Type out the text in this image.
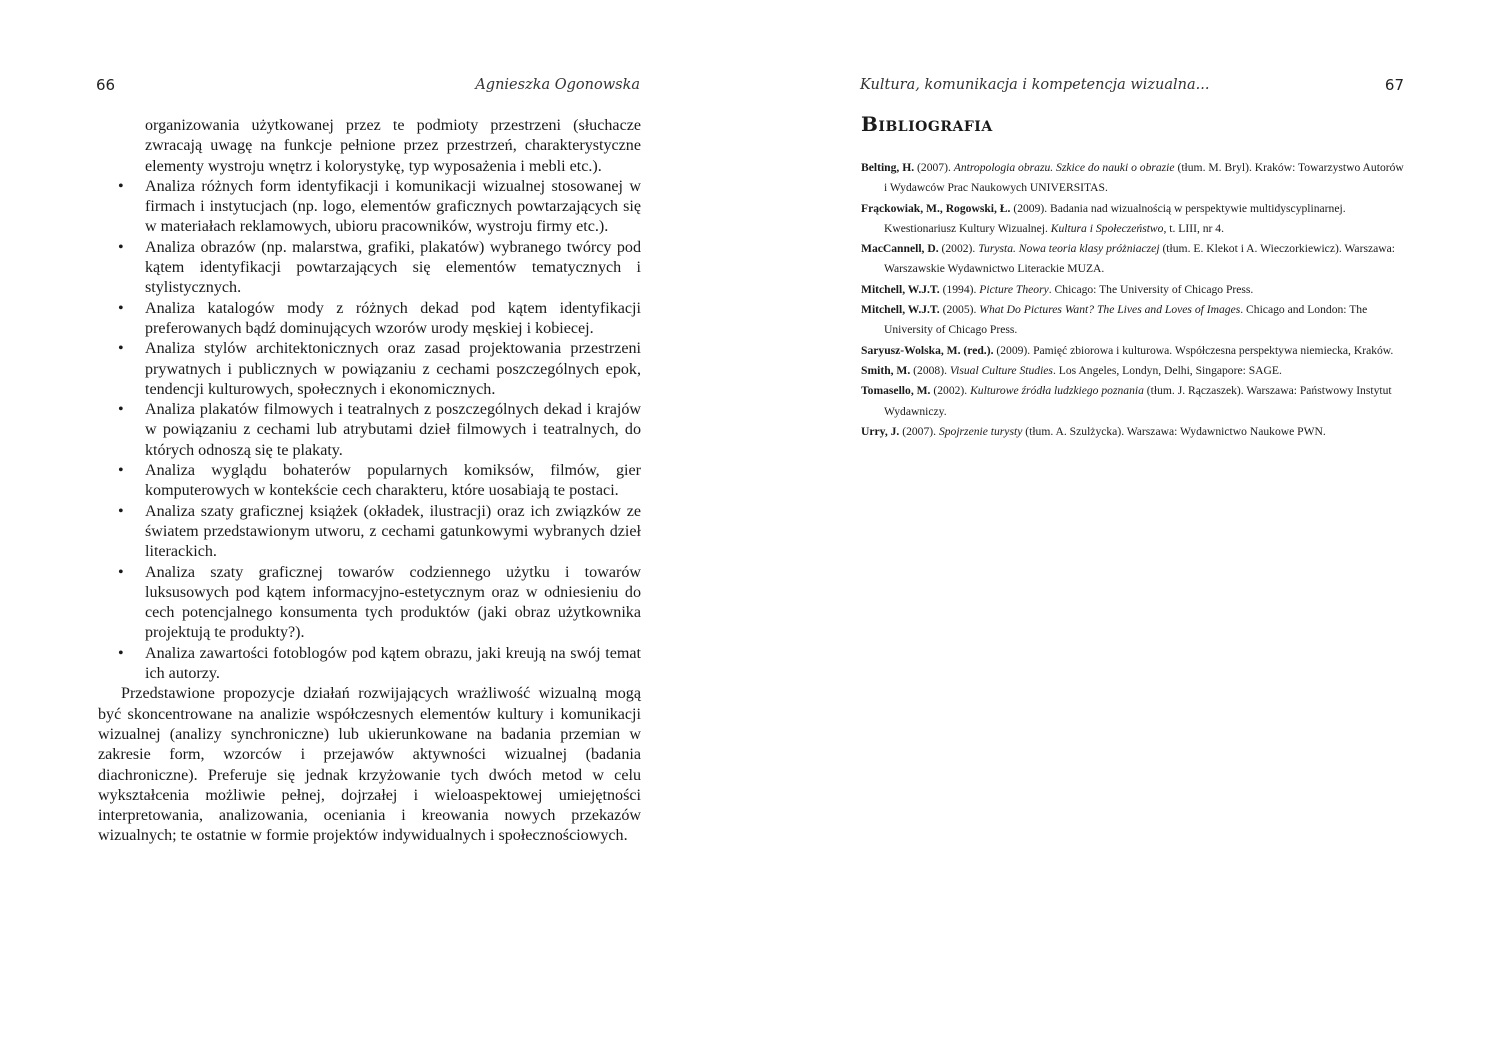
66	Agnieszka Ogonowska

organizowania użytkowanej przez te podmioty przestrzeni (słuchacze zwracają uwagę na funkcje pełnione przez przestrzeń, charakterystyczne elementy wystroju wnętrz i kolorystykę, typ wyposażenia i mebli etc.).

• Analiza różnych form identyfikacji i komunikacji wizualnej stosowanej w firmach i instytucjach (np. logo, elementów graficznych powtarzających się w materiałach reklamowych, ubioru pracowników, wystroju firmy etc.).
• Analiza obrazów (np. malarstwa, grafiki, plakatów) wybranego twórcy pod kątem identyfikacji powtarzających się elementów tematycznych i stylistycznych.
• Analiza katalogów mody z różnych dekad pod kątem identyfikacji preferowanych bądź dominujących wzorów urody męskiej i kobiecej.
• Analiza stylów architektonicznych oraz zasad projektowania przestrzeni prywatnych i publicznych w powiązaniu z cechami poszczególnych epok, tendencji kulturowych, społecznych i ekonomicznych.
• Analiza plakatów filmowych i teatralnych z poszczególnych dekad i krajów w powiązaniu z cechami lub atrybutami dzieł filmowych i teatralnych, do których odnoszą się te plakaty.
• Analiza wyglądu bohaterów popularnych komiksów, filmów, gier komputerowych w kontekście cech charakteru, które uosabiają te postaci.
• Analiza szaty graficznej książek (okładek, ilustracji) oraz ich związków ze światem przedstawionym utworu, z cechami gatunkowymi wybranych dzieł literackich.
• Analiza szaty graficznej towarów codziennego użytku i towarów luksusowych pod kątem informacyjno-estetycznym oraz w odniesieniu do cech potencjalnego konsumenta tych produktów (jaki obraz użytkownika projektują te produkty?).
• Analiza zawartości fotoblogów pod kątem obrazu, jaki kreują na swój temat ich autorzy.

Przedstawione propozycje działań rozwijających wrażliwość wizualną mogą być skoncentrowane na analizie współczesnych elementów kultury i komunikacji wizualnej (analizy synchroniczne) lub ukierunkowane na badania przemian w zakresie form, wzorców i przejawów aktywności wizualnej (badania diachroniczne). Preferuje się jednak krzyżowanie tych dwóch metod w celu wykształcenia możliwie pełnej, dojrzałej i wieloaspektowej umiejętności interpretowania, analizowania, oceniania i kreowania nowych przekazów wizualnych; te ostatnie w formie projektów indywidualnych i społecznościowych.

Kultura, komunikacja i kompetencja wizualna...	67
Bibliografia

Belting, H. (2007). Antropologia obrazu. Szkice do nauki o obrazie (tłum. M. Bryl). Kraków: Towarzystwo Autorów i Wydawców Prac Naukowych UNIVERSITAS.

Frąckowiak, M., Rogowski, Ł. (2009). Badania nad wizualnością w perspektywie multidyscyplinarnej. Kwestionariusz Kultury Wizualnej. Kultura i Społeczeństwo, t. LIII, nr 4.

MacCannell, D. (2002). Turysta. Nowa teoria klasy próżniaczej (tłum. E. Klekot i A. Wieczorkiewicz). Warszawa: Warszawskie Wydawnictwo Literackie MUZA.

Mitchell, W.J.T. (1994). Picture Theory. Chicago: The University of Chicago Press.

Mitchell, W.J.T. (2005). What Do Pictures Want? The Lives and Loves of Images. Chicago and London: The University of Chicago Press.

Saryusz-Wolska, M. (red.). (2009). Pamięć zbiorowa i kulturowa. Współczesna perspektywa niemiecka, Kraków.

Smith, M. (2008). Visual Culture Studies. Los Angeles, Londyn, Delhi, Singapore: SAGE.

Tomasello, M. (2002). Kulturowe źródła ludzkiego poznania (tłum. J. Rączaszek). Warszawa: Państwowy Instytut Wydawniczy.

Urry, J. (2007). Spojrzenie turysty (tłum. A. Szulżycka). Warszawa: Wydawnictwo Naukowe PWN.
